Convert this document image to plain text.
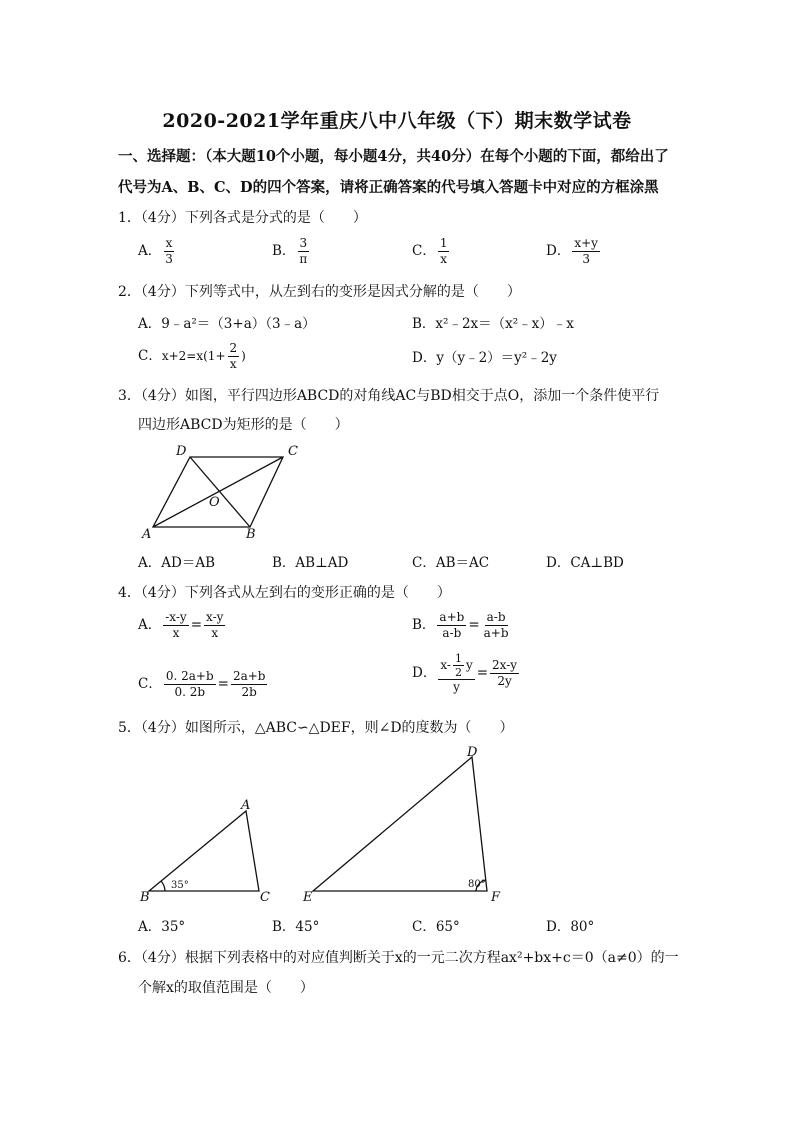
2020-2021学年重庆八中八年级（下）期末数学试卷
一、选择题：（本大题10个小题，每小题4分，共40分）在每个小题的下面，都给出了
代号为A、B、C、D的四个答案，请将正确答案的代号填入答题卡中对应的方框涂黑
1．（4分）下列各式是分式的是（　　）
A． $\frac{x}{3}$	B． $\frac{3}{\pi}$	C． $\frac{1}{x}$	D． $\frac{x+y}{3}$
2．（4分）下列等式中，从左到右的变形是因式分解的是（　　）
A．9﹣a²＝（3+a）（3﹣a）	B．x²﹣2x＝（x²﹣x）﹣x
C．$x+2=x(1+ \frac{2}{x}$ )	D．y（y﹣2）＝y²﹣2y
3．（4分）如图，平行四边形ABCD的对角线AC与BD相交于点O，添加一个条件使平行
四边形ABCD为矩形的是（　　）
D	C
A	B
O
A．AD＝AB	B．AB⊥AD	C．AB＝AC	D．CA⊥BD
4．（4分）下列各式从左到右的变形正确的是（　　）
A． $\frac{-x-y}{x} = \frac{x-y}{x}$	B． $\frac{a+b}{a-b} = \frac{a-b}{a+b}$
C． $\frac{0. 2a+b}{0. 2b} = \frac{2a+b}{2b}$	D． $\frac{x- \frac{1}{2} y}{y} = \frac{2x-y}{2y}$
5．（4分）如图所示，△ABC∽△DEF，则∠D的度数为（　　）
A
B	C
D
E	F
35°	80°
A．35°	B．45°	C．65°	D．80°
6．（4分）根据下列表格中的对应值判断关于x的一元二次方程ax²+bx+c＝0（a≠0）的一
个解x的取值范围是（　　）
